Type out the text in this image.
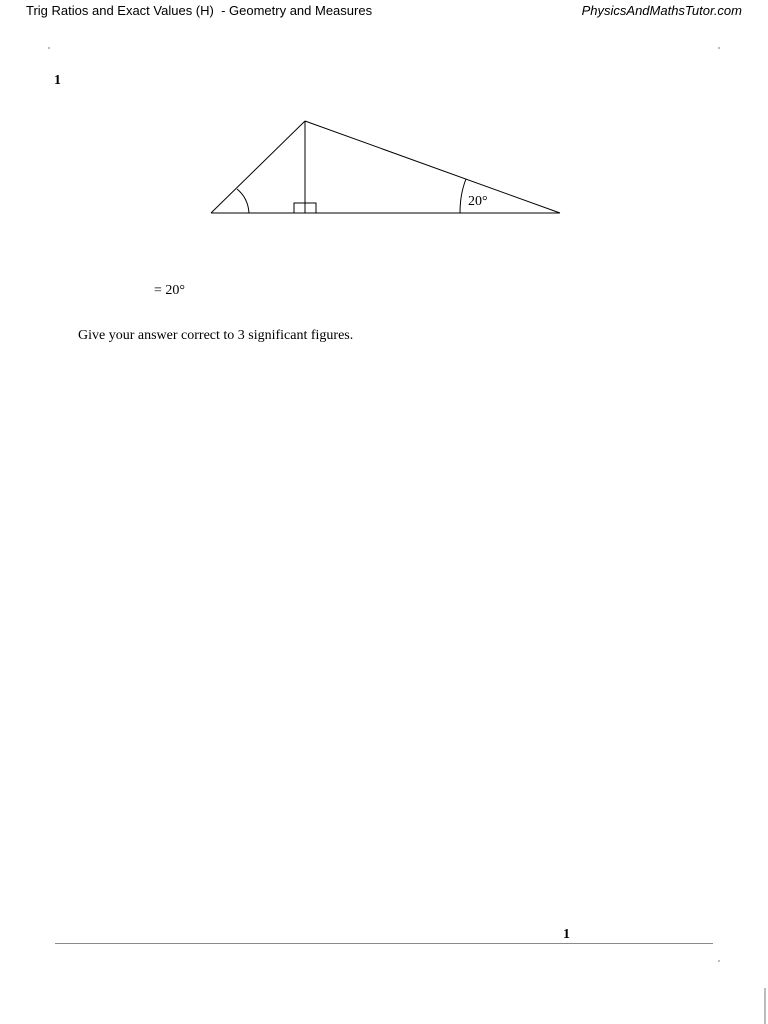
Trig Ratios and Exact Values (H)  - Geometry and Measures	PhysicsAndMathsTutor.com
1
20°
= 20°
Give your answer correct to 3 significant figures.
1
